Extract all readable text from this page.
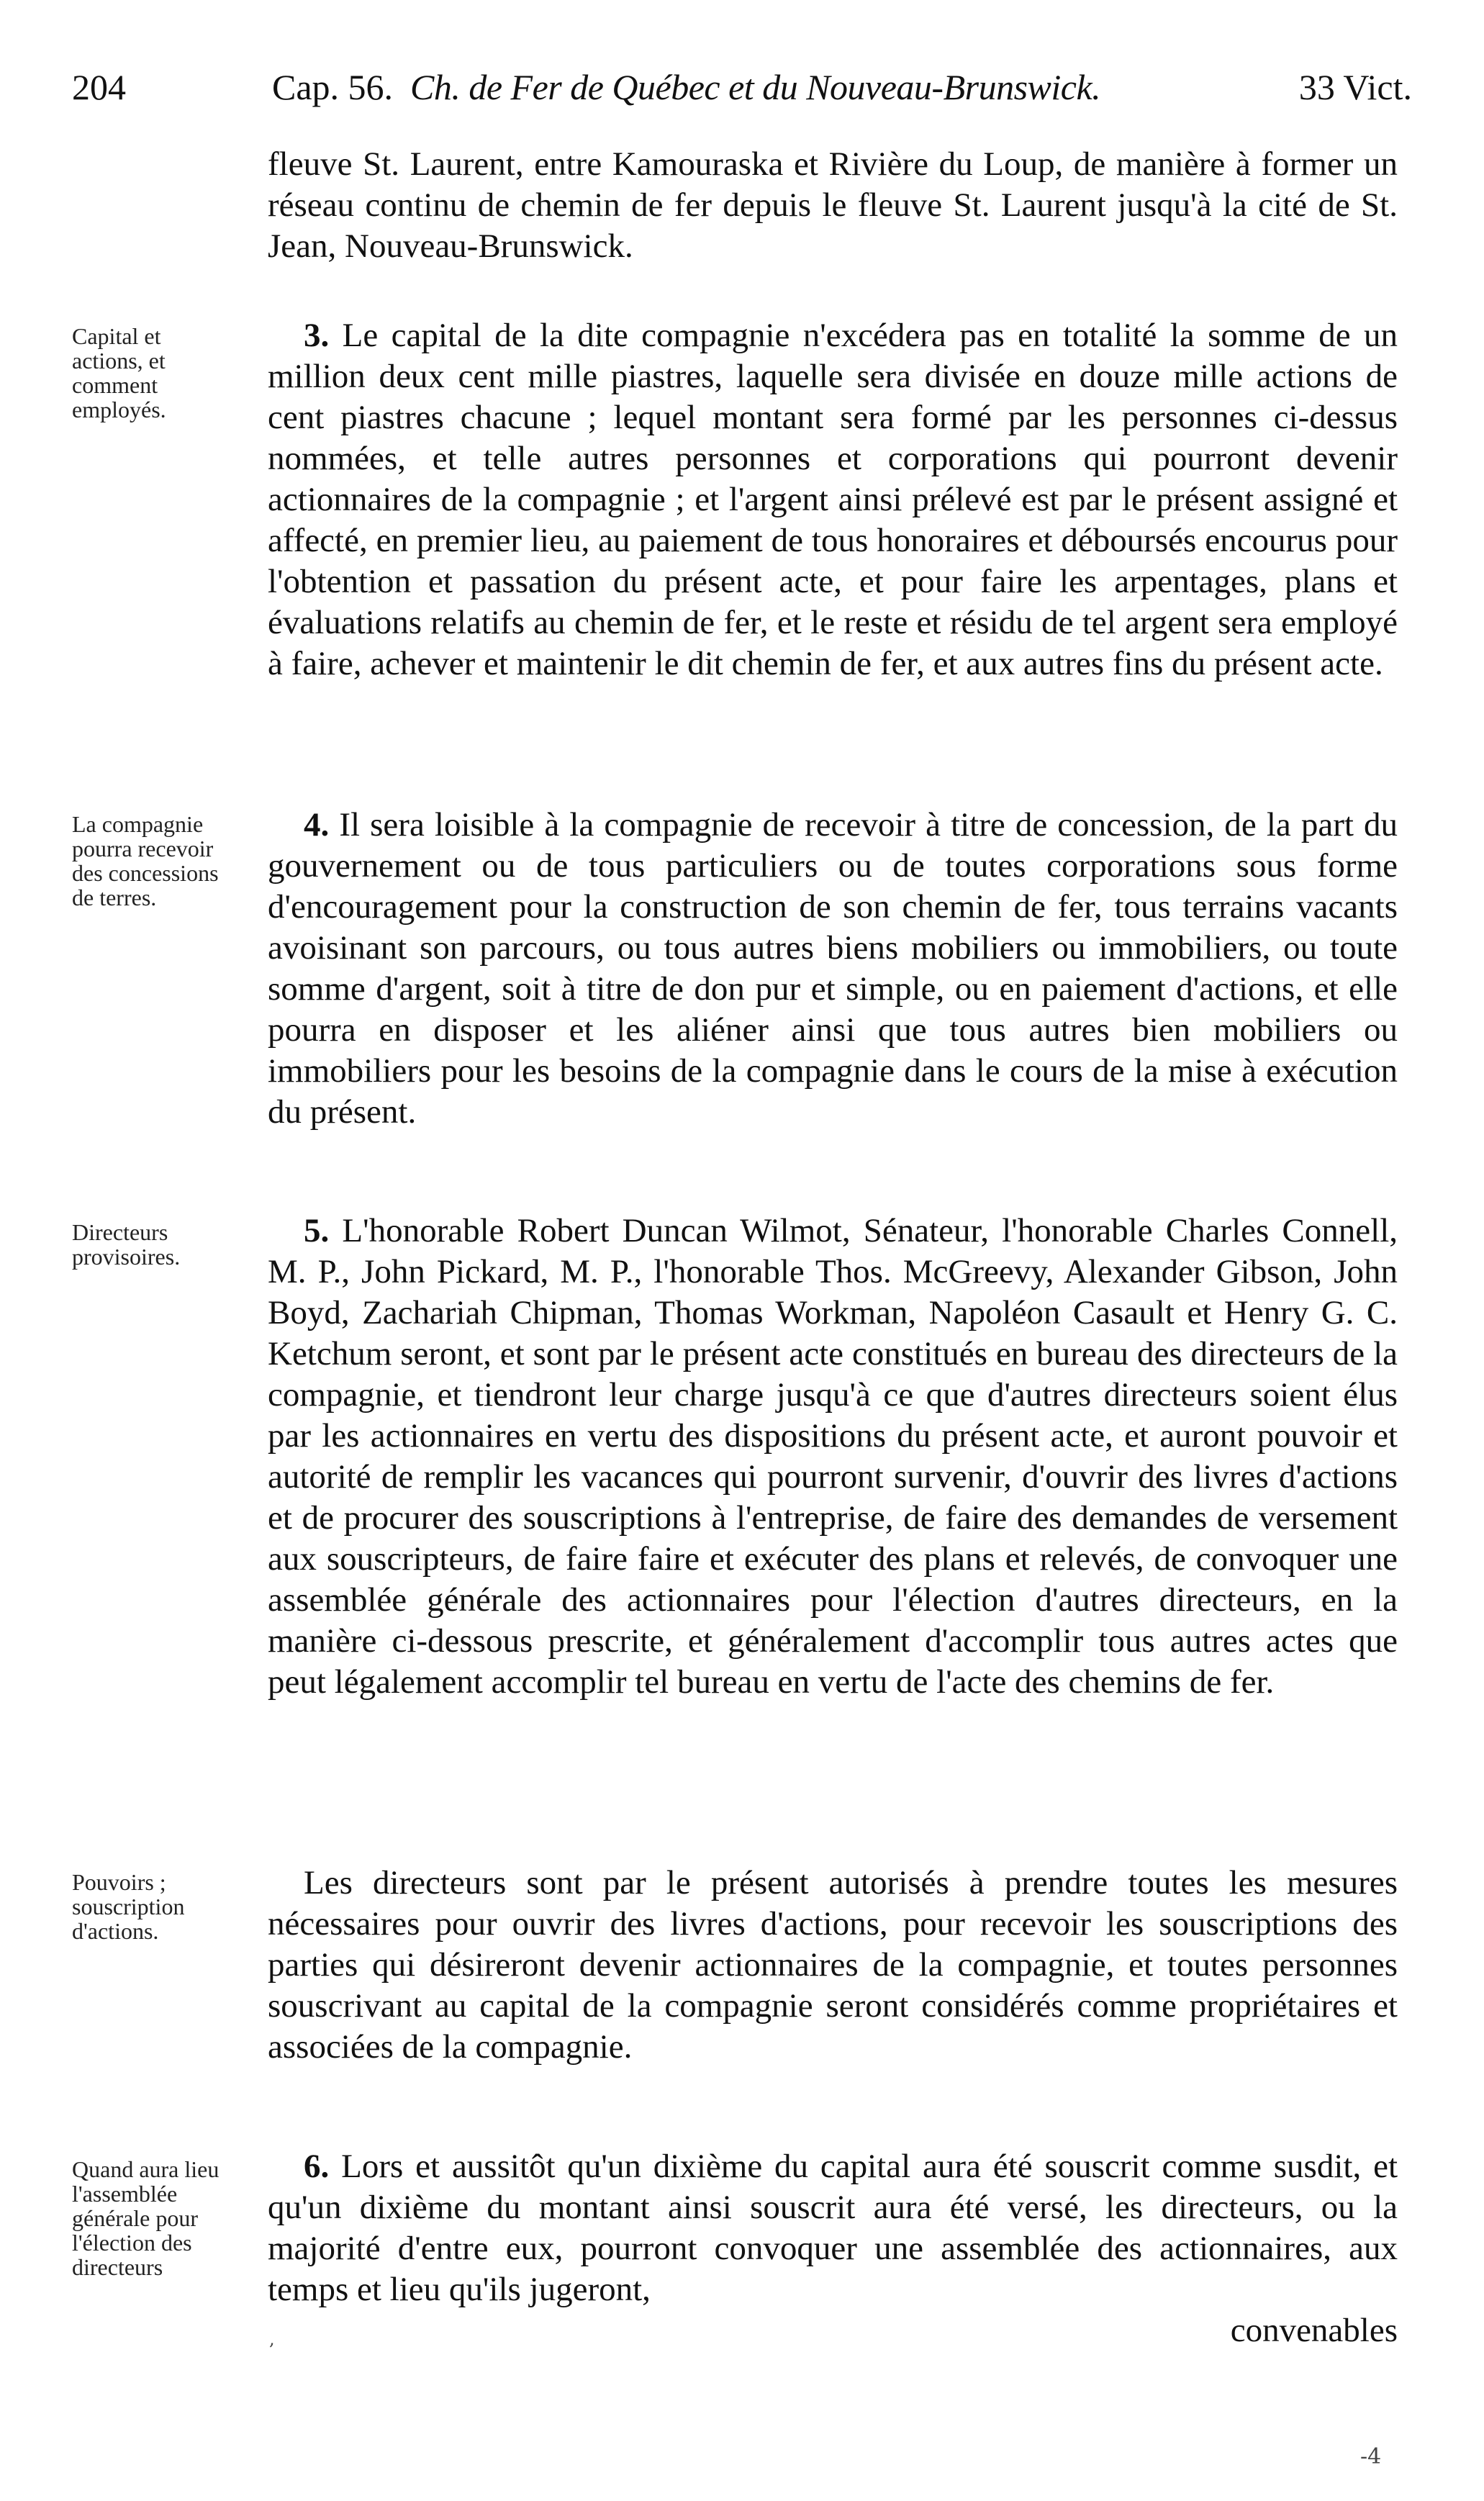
204	Cap. 56. Ch. de Fer de Québec et du Nouveau-Brunswick.	33 Vict.
fleuve St. Laurent, entre Kamouraska et Rivière du Loup, de manière à former un réseau continu de chemin de fer depuis le fleuve St. Laurent jusqu'à la cité de St. Jean, Nouveau-Brunswick.
Capital et actions, et comment employés.
3. Le capital de la dite compagnie n'excédera pas en totalité la somme de un million deux cent mille piastres, laquelle sera divisée en douze mille actions de cent piastres chacune ; lequel montant sera formé par les personnes ci-dessus nommées, et telle autres personnes et corporations qui pourront devenir actionnaires de la compagnie ; et l'argent ainsi prélevé est par le présent assigné et affecté, en premier lieu, au paiement de tous honoraires et déboursés encourus pour l'obtention et passation du présent acte, et pour faire les arpentages, plans et évaluations relatifs au chemin de fer, et le reste et résidu de tel argent sera employé à faire, achever et maintenir le dit chemin de fer, et aux autres fins du présent acte.
La compagnie pourra recevoir des concessions de terres.
4. Il sera loisible à la compagnie de recevoir à titre de concession, de la part du gouvernement ou de tous particuliers ou de toutes corporations sous forme d'encouragement pour la construction de son chemin de fer, tous terrains vacants avoisinant son parcours, ou tous autres biens mobiliers ou immobiliers, ou toute somme d'argent, soit à titre de don pur et simple, ou en paiement d'actions, et elle pourra en disposer et les aliéner ainsi que tous autres bien mobiliers ou immobiliers pour les besoins de la compagnie dans le cours de la mise à exécution du présent.
Directeurs provisoires.
5. L'honorable Robert Duncan Wilmot, Sénateur, l'honorable Charles Connell, M. P., John Pickard, M. P., l'honorable Thos. McGreevy, Alexander Gibson, John Boyd, Zachariah Chipman, Thomas Workman, Napoléon Casault et Henry G. C. Ketchum seront, et sont par le présent acte constitués en bureau des directeurs de la compagnie, et tiendront leur charge jusqu'à ce que d'autres directeurs soient élus par les actionnaires en vertu des dispositions du présent acte, et auront pouvoir et autorité de remplir les vacances qui pourront survenir, d'ouvrir des livres d'actions et de procurer des souscriptions à l'entreprise, de faire des demandes de versement aux souscripteurs, de faire faire et exécuter des plans et relevés, de convoquer une assemblée générale des actionnaires pour l'élection d'autres directeurs, en la manière ci-dessous prescrite, et généralement d'accomplir tous autres actes que peut légalement accomplir tel bureau en vertu de l'acte des chemins de fer.
Pouvoirs ; souscription d'actions.
Les directeurs sont par le présent autorisés à prendre toutes les mesures nécessaires pour ouvrir des livres d'actions, pour recevoir les souscriptions des parties qui désireront devenir actionnaires de la compagnie, et toutes personnes souscrivant au capital de la compagnie seront considérés comme propriétaires et associées de la compagnie.
Quand aura lieu l'assemblée générale pour l'élection des directeurs
6. Lors et aussitôt qu'un dixième du capital aura été souscrit comme susdit, et qu'un dixième du montant ainsi souscrit aura été versé, les directeurs, ou la majorité d'entre eux, pourront convoquer une assemblée des actionnaires, aux temps et lieu qu'ils jugeront,
convenables
,
-4
